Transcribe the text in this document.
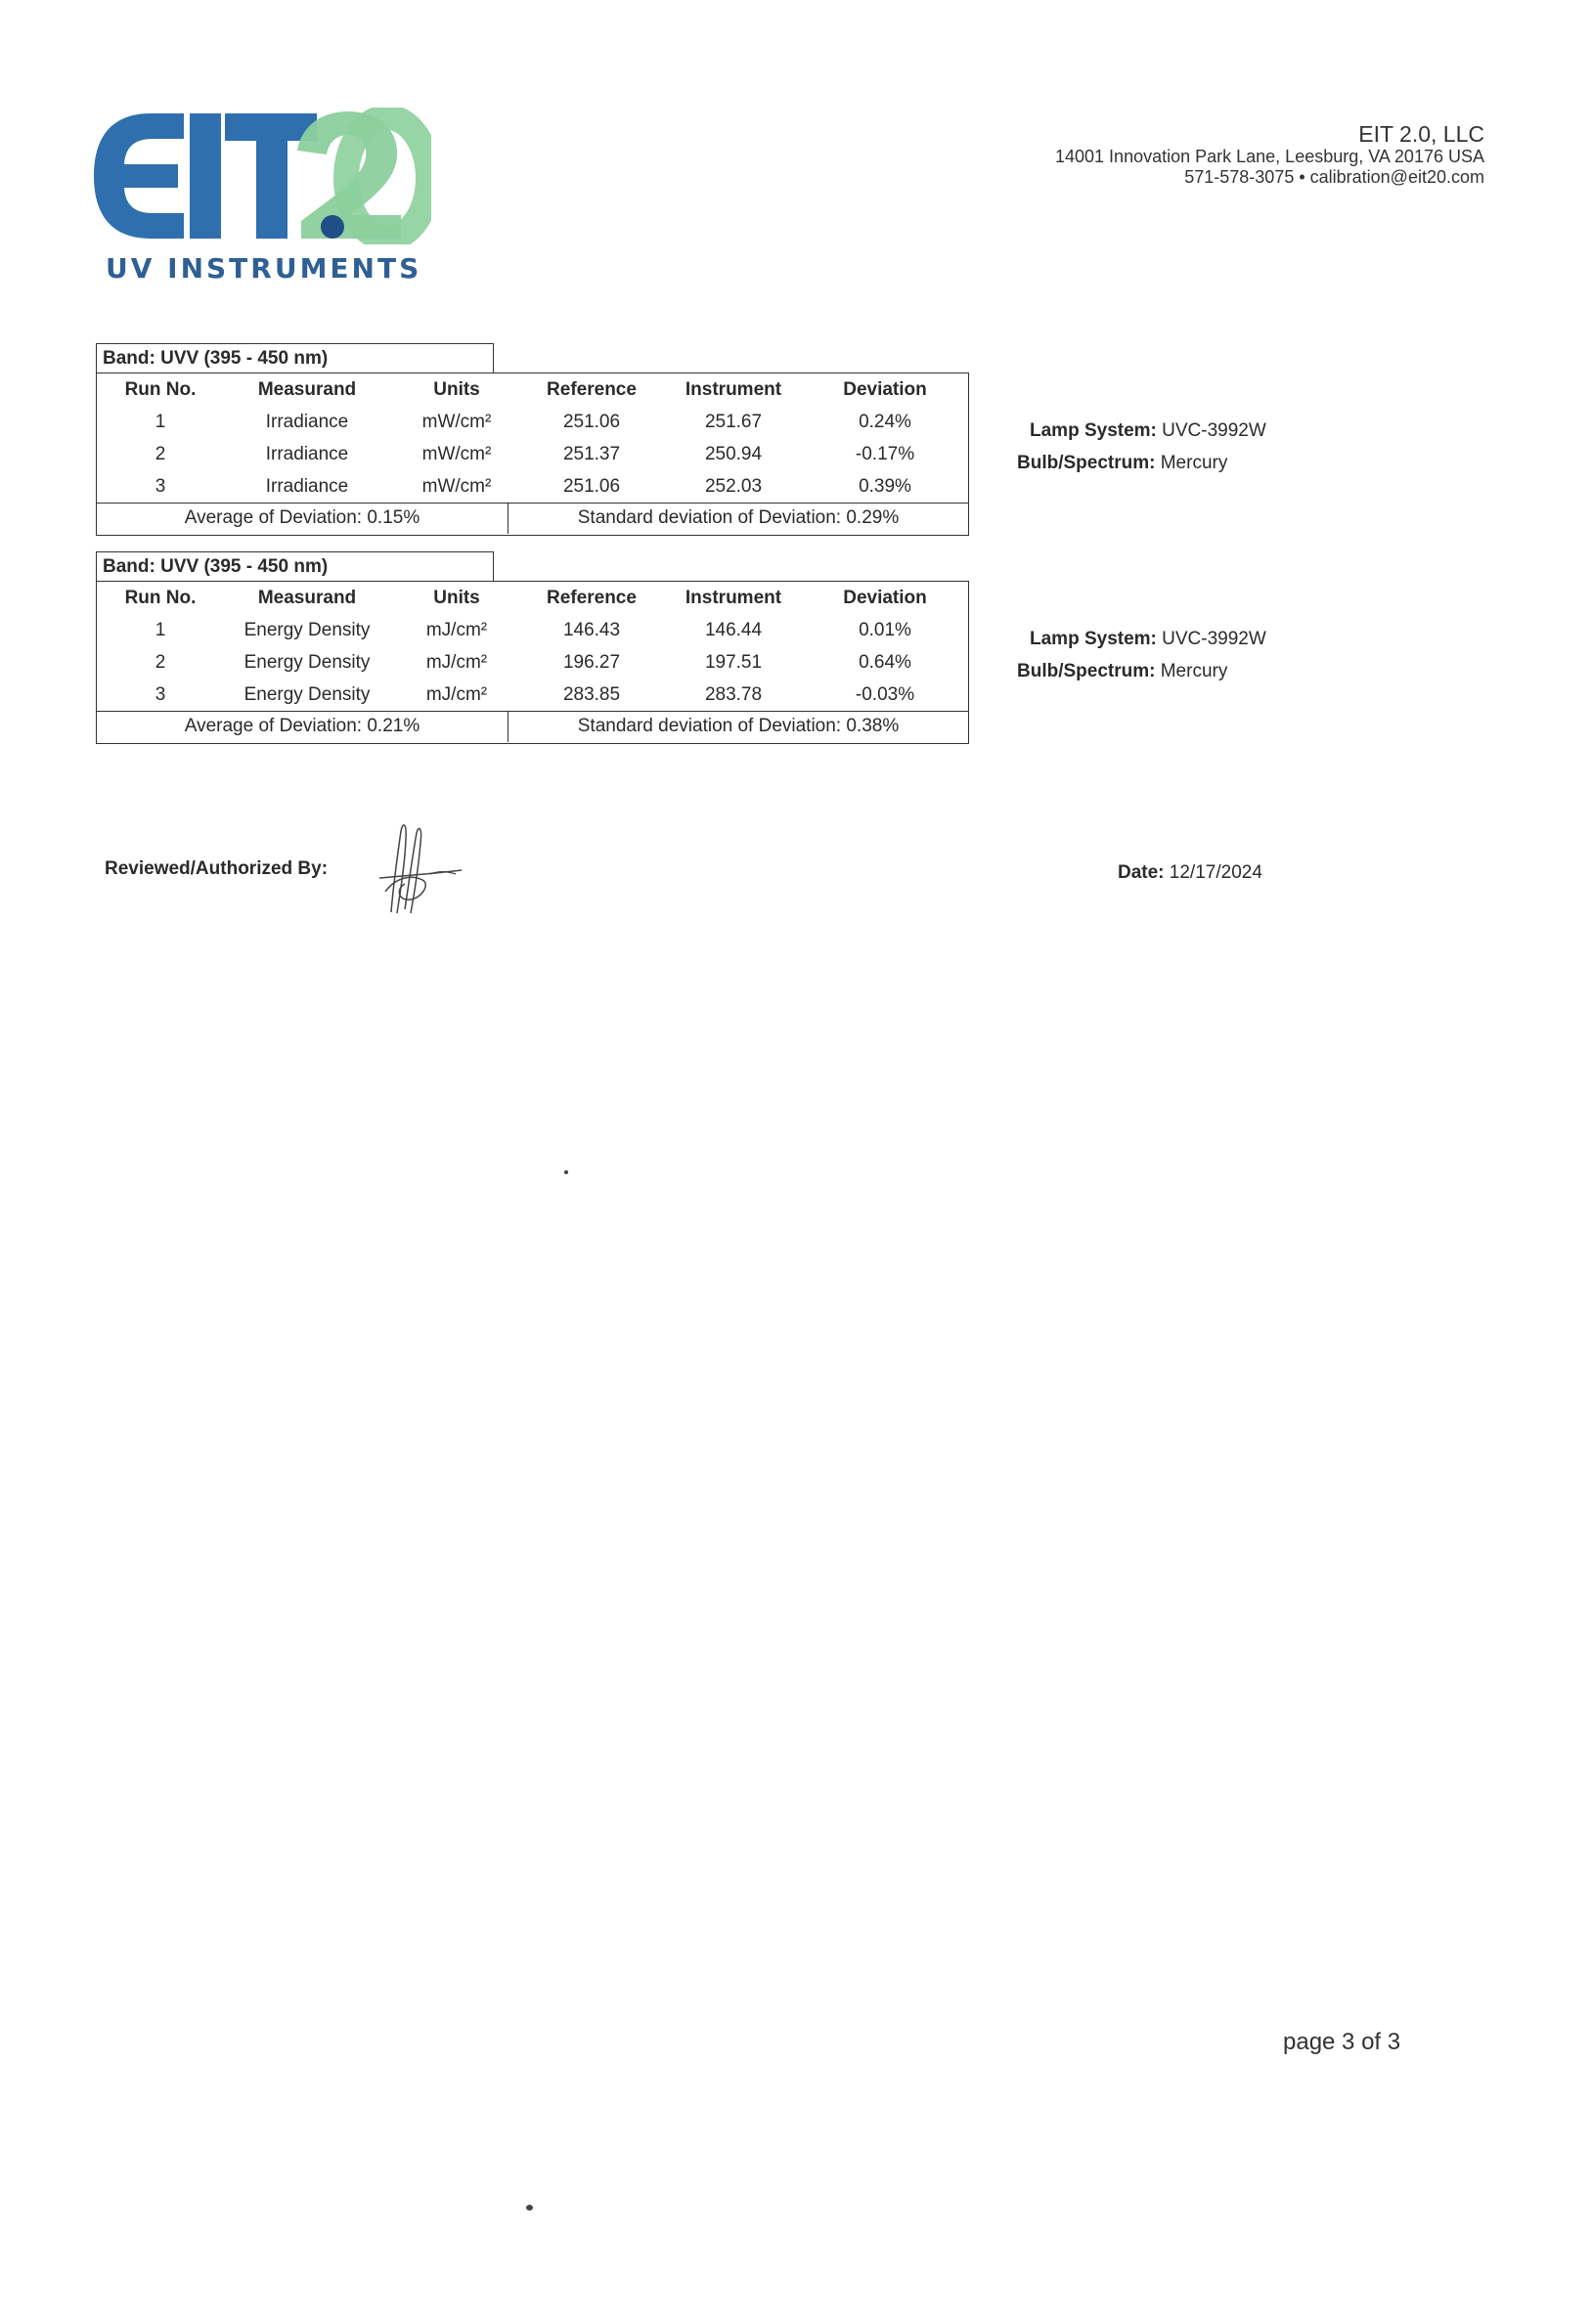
UV INSTRUMENTS
EIT 2.0, LLC
14001 Innovation Park Lane, Leesburg, VA 20176 USA
571-578-3075 • calibration@eit20.com
Band: UVV (395 - 450 nm)
Run No.	Measurand	Units	Reference	Instrument	Deviation
1	Irradiance	mW/cm²	251.06	251.67	0.24%
2	Irradiance	mW/cm²	251.37	250.94	-0.17%
3	Irradiance	mW/cm²	251.06	252.03	0.39%
Average of Deviation: 0.15%	Standard deviation of Deviation: 0.29%
Lamp System: UVC-3992W
Bulb/Spectrum: Mercury
Band: UVV (395 - 450 nm)
Run No.	Measurand	Units	Reference	Instrument	Deviation
1	Energy Density	mJ/cm²	146.43	146.44	0.01%
2	Energy Density	mJ/cm²	196.27	197.51	0.64%
3	Energy Density	mJ/cm²	283.85	283.78	-0.03%
Average of Deviation: 0.21%	Standard deviation of Deviation: 0.38%
Lamp System: UVC-3992W
Bulb/Spectrum: Mercury
Reviewed/Authorized By:	Date: 12/17/2024
page 3 of 3
